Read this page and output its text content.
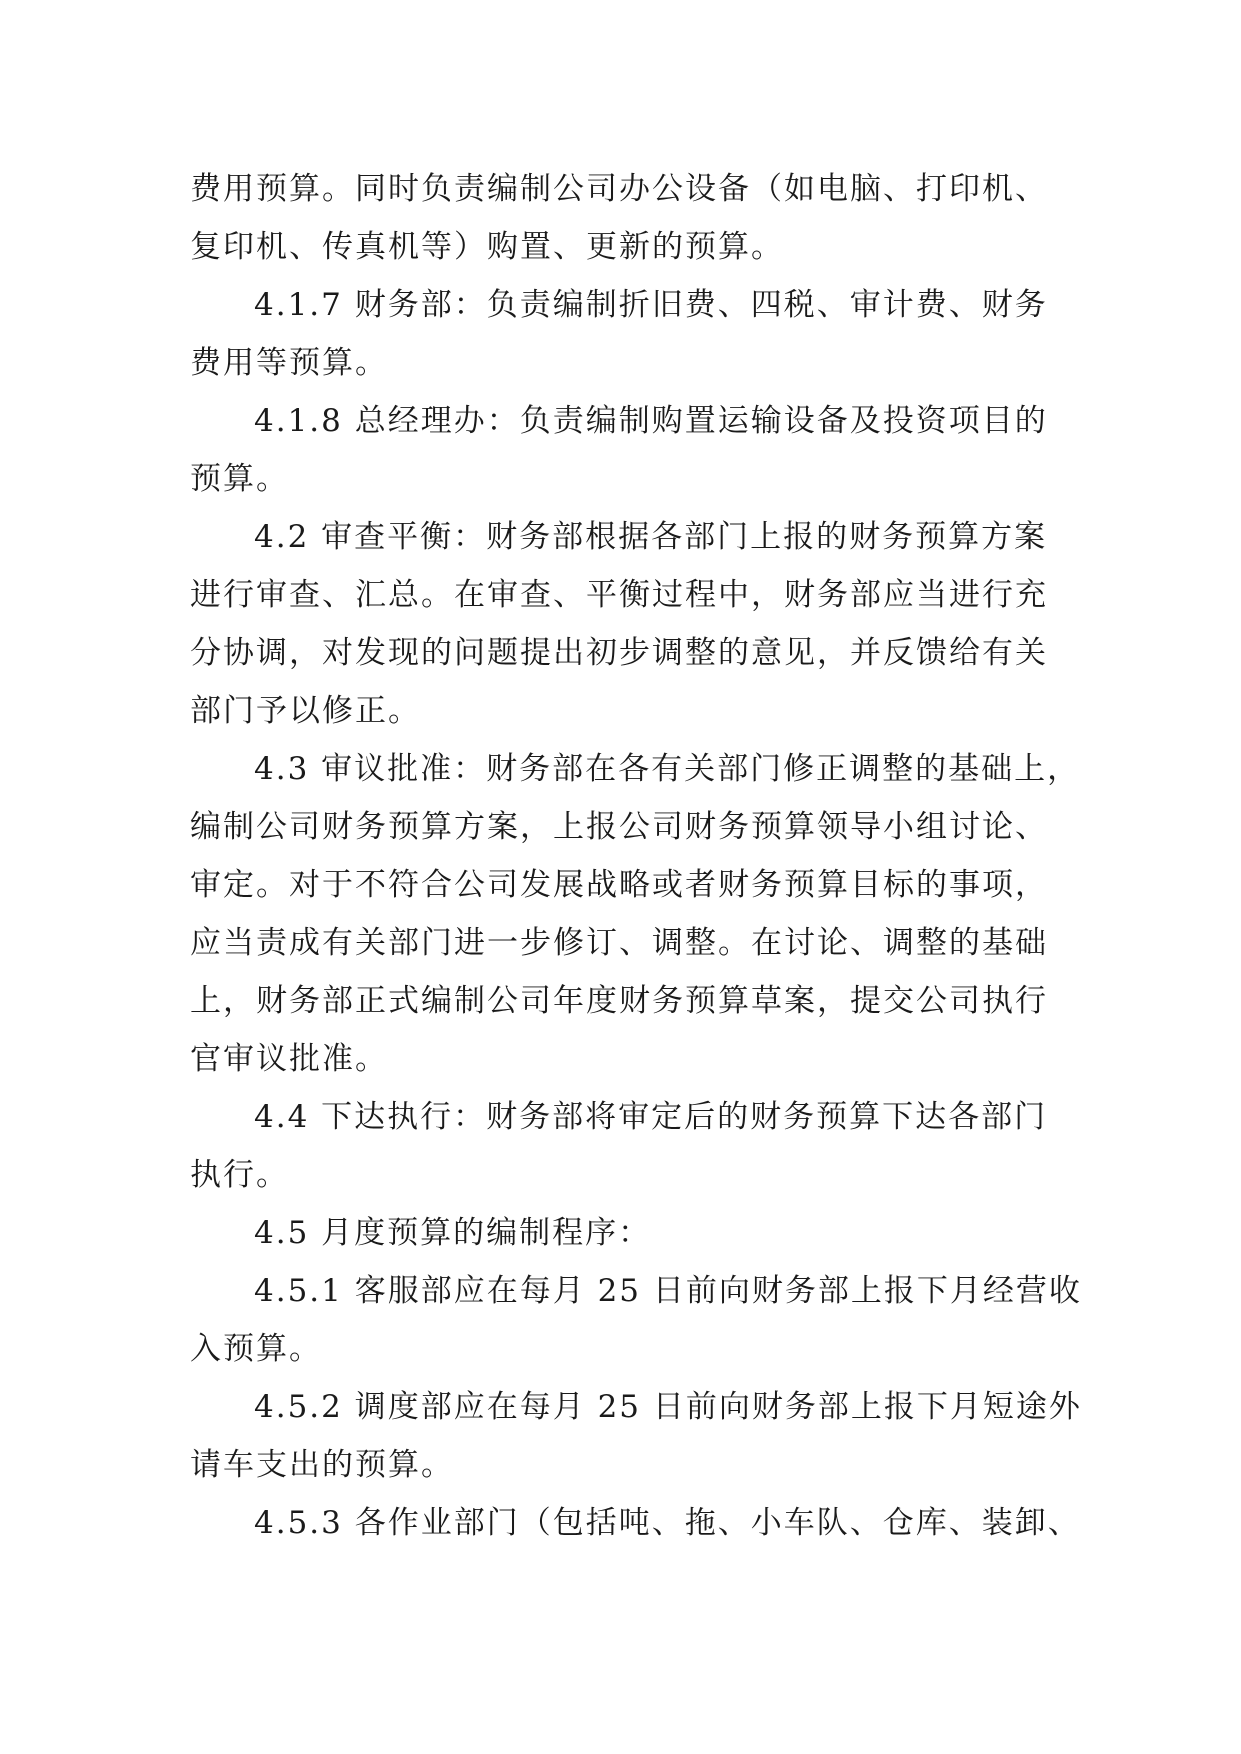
费用预算。同时负责编制公司办公设备（如电脑、打印机、
复印机、传真机等）购置、更新的预算。
4.1.7 财务部：负责编制折旧费、四税、审计费、财务
费用等预算。
4.1.8 总经理办：负责编制购置运输设备及投资项目的
预算。
4.2 审查平衡：财务部根据各部门上报的财务预算方案
进行审查、汇总。在审查、平衡过程中，财务部应当进行充
分协调，对发现的问题提出初步调整的意见，并反馈给有关
部门予以修正。
4.3 审议批准：财务部在各有关部门修正调整的基础上，
编制公司财务预算方案，上报公司财务预算领导小组讨论、
审定。对于不符合公司发展战略或者财务预算目标的事项，
应当责成有关部门进一步修订、调整。在讨论、调整的基础
上，财务部正式编制公司年度财务预算草案，提交公司执行
官审议批准。
4.4 下达执行：财务部将审定后的财务预算下达各部门
执行。
4.5 月度预算的编制程序：
4.5.1 客服部应在每月 25 日前向财务部上报下月经营收
入预算。
4.5.2 调度部应在每月 25 日前向财务部上报下月短途外
请车支出的预算。
4.5.3 各作业部门（包括吨、拖、小车队、仓库、装卸、
